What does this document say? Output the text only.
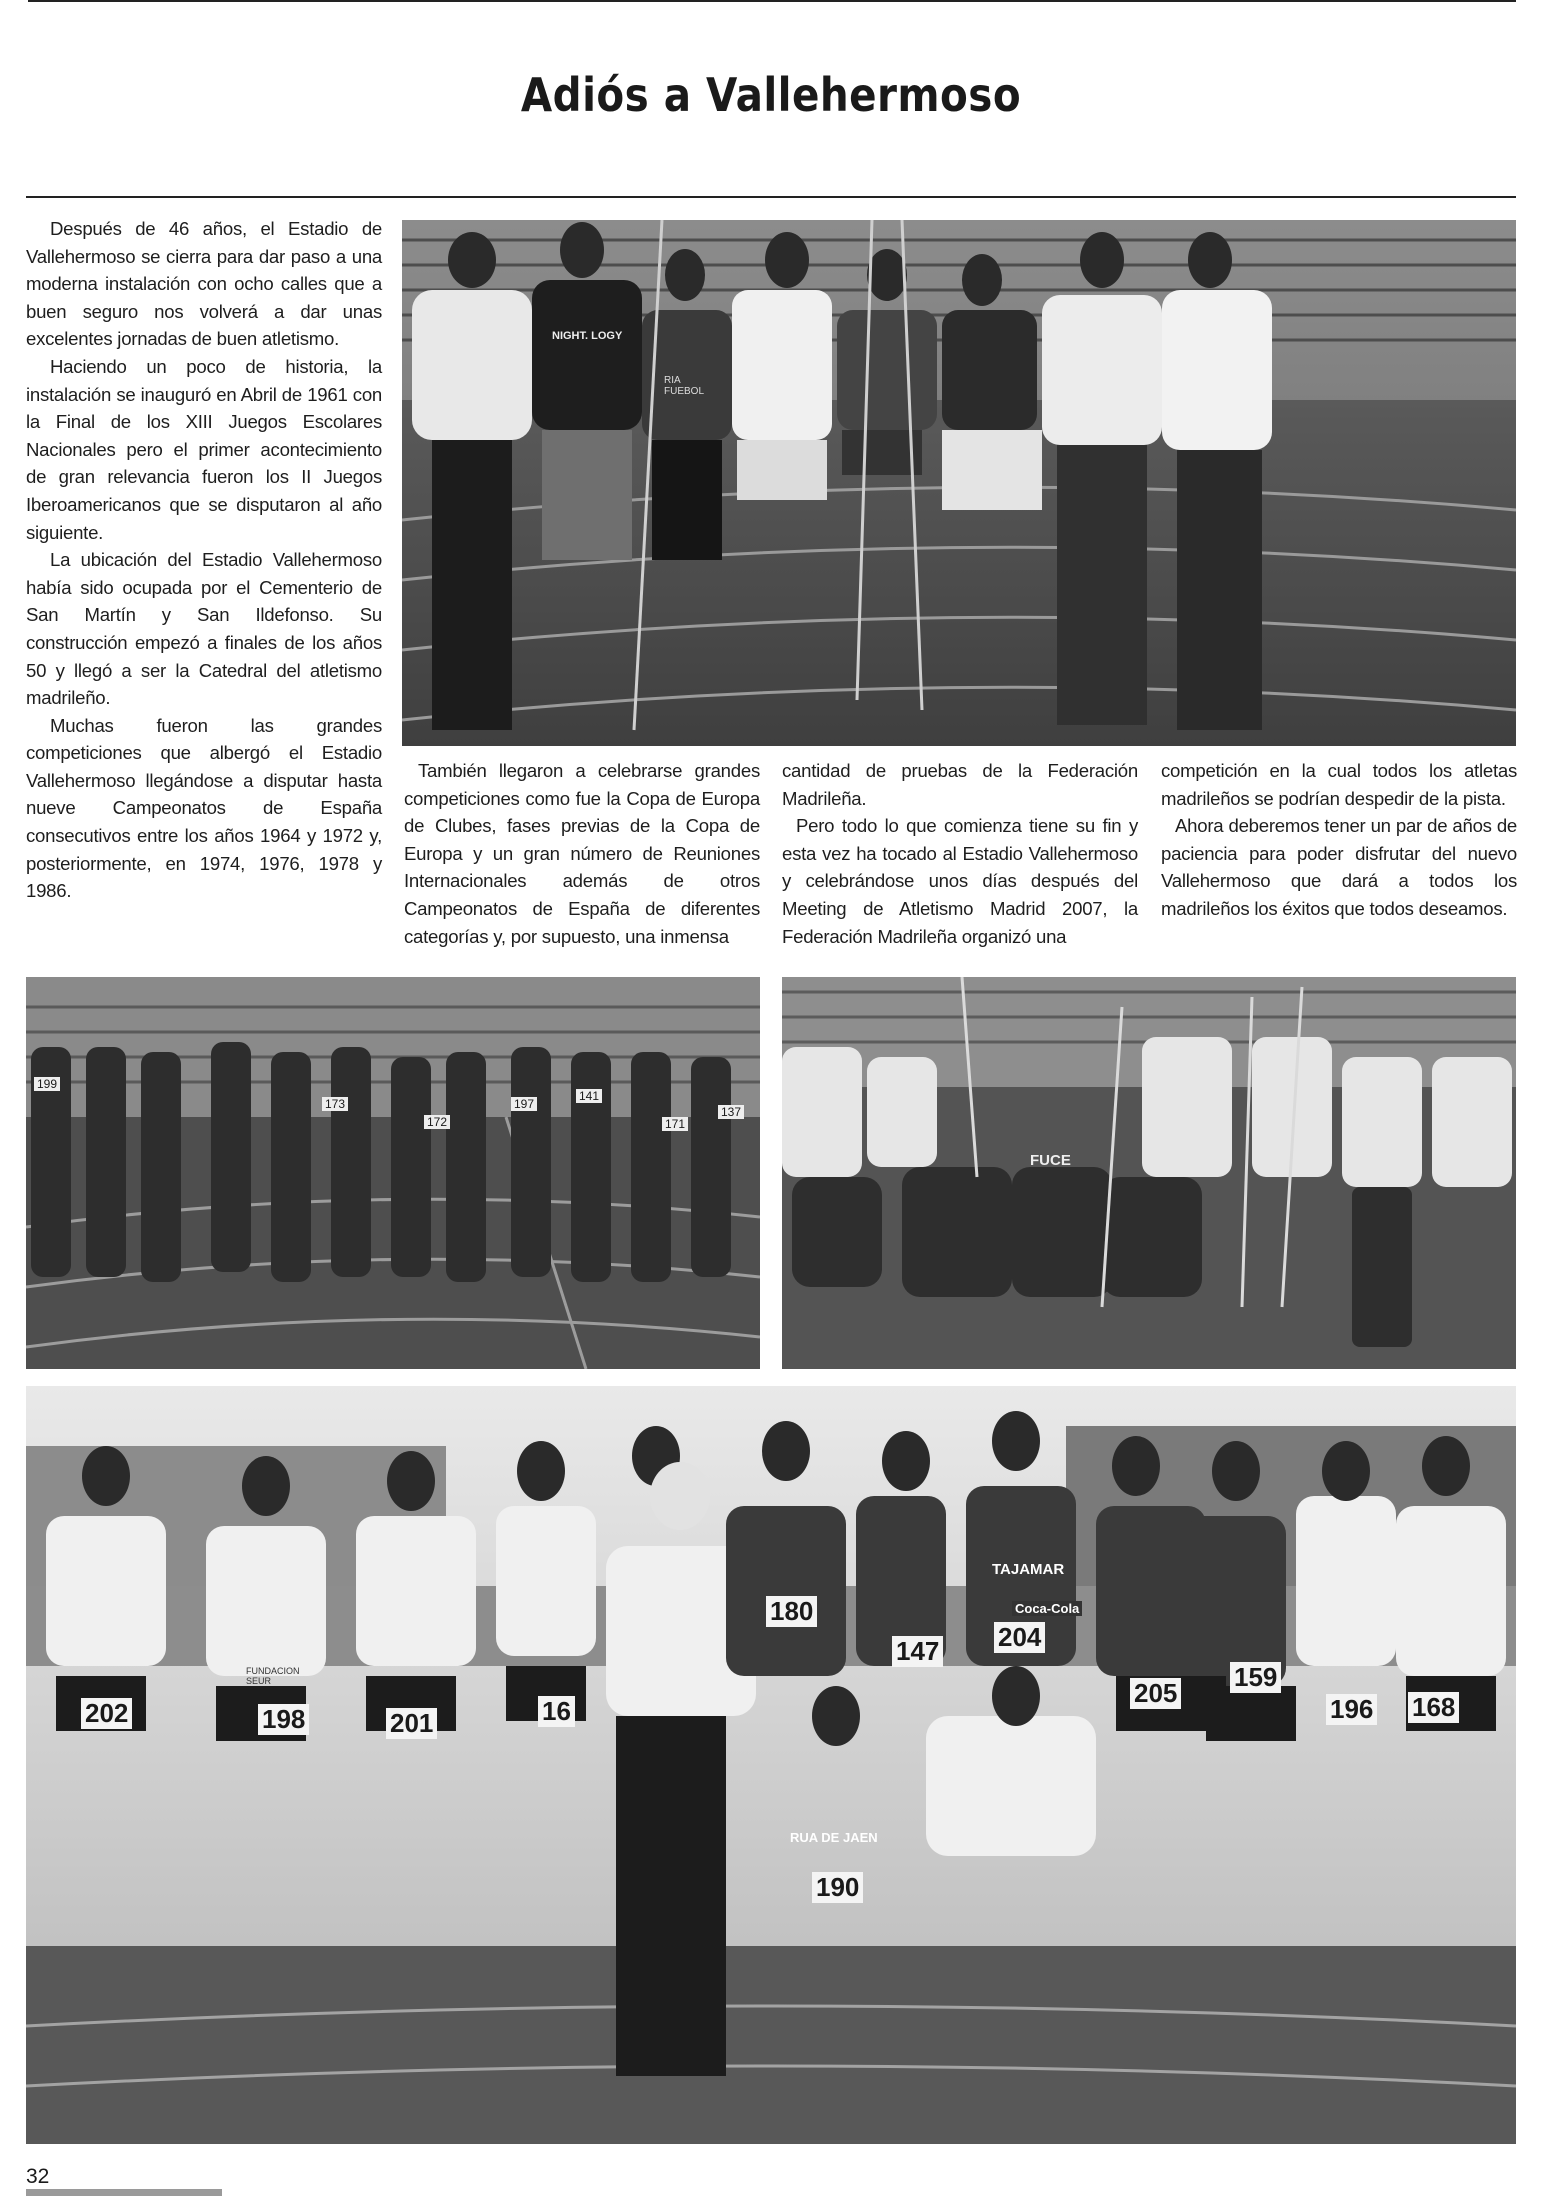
Adiós a Vallehermoso

Después de 46 años, el Estadio de Vallehermoso se cierra para dar paso a una moderna instalación con ocho calles que a buen seguro nos volverá a dar unas excelentes jornadas de buen atletismo.

Haciendo un poco de historia, la instalación se inauguró en Abril de 1961 con la Final de los XIII Juegos Escolares Nacionales pero el primer acontecimiento de gran relevancia fueron los II Juegos Iberoamericanos que se disputaron al año siguiente.

La ubicación del Estadio Vallehermoso había sido ocupada por el Cementerio de San Martín y San Ildefonso. Su construcción empezó a finales de los años 50 y llegó a ser la Catedral del atletismo madrileño.

Muchas fueron las grandes competiciones que albergó el Estadio Vallehermoso llegándose a disputar hasta nueve Campeonatos de España consecutivos entre los años 1964 y 1972 y, posteriormente, en 1974, 1976, 1978 y 1986.

NIGHT. LOGY
RIA FUEBOL

También llegaron a celebrarse grandes competiciones como fue la Copa de Europa de Clubes, fases previas de la Copa de Europa y un gran número de Reuniones Internacionales además de otros Campeonatos de España de diferentes categorías y, por supuesto, una inmensa

cantidad de pruebas de la Federación Madrileña.

Pero todo lo que comienza tiene su fin y esta vez ha tocado al Estadio Vallehermoso y celebrándose unos días después del Meeting de Atletismo Madrid 2007, la Federación Madrileña organizó una

competición en la cual todos los atletas madrileños se podrían despedir de la pista.

Ahora deberemos tener un par de años de paciencia para poder disfrutar del nuevo Vallehermoso que dará a todos los madrileños los éxitos que todos deseamos.

199
173
172
197
141
171
137
FUCE
202	198	201	16
180
147 204
205
159
196 168
190
Coca-Cola
TAJAMAR
FUNDACION SEUR
RUA DE JAEN
32
